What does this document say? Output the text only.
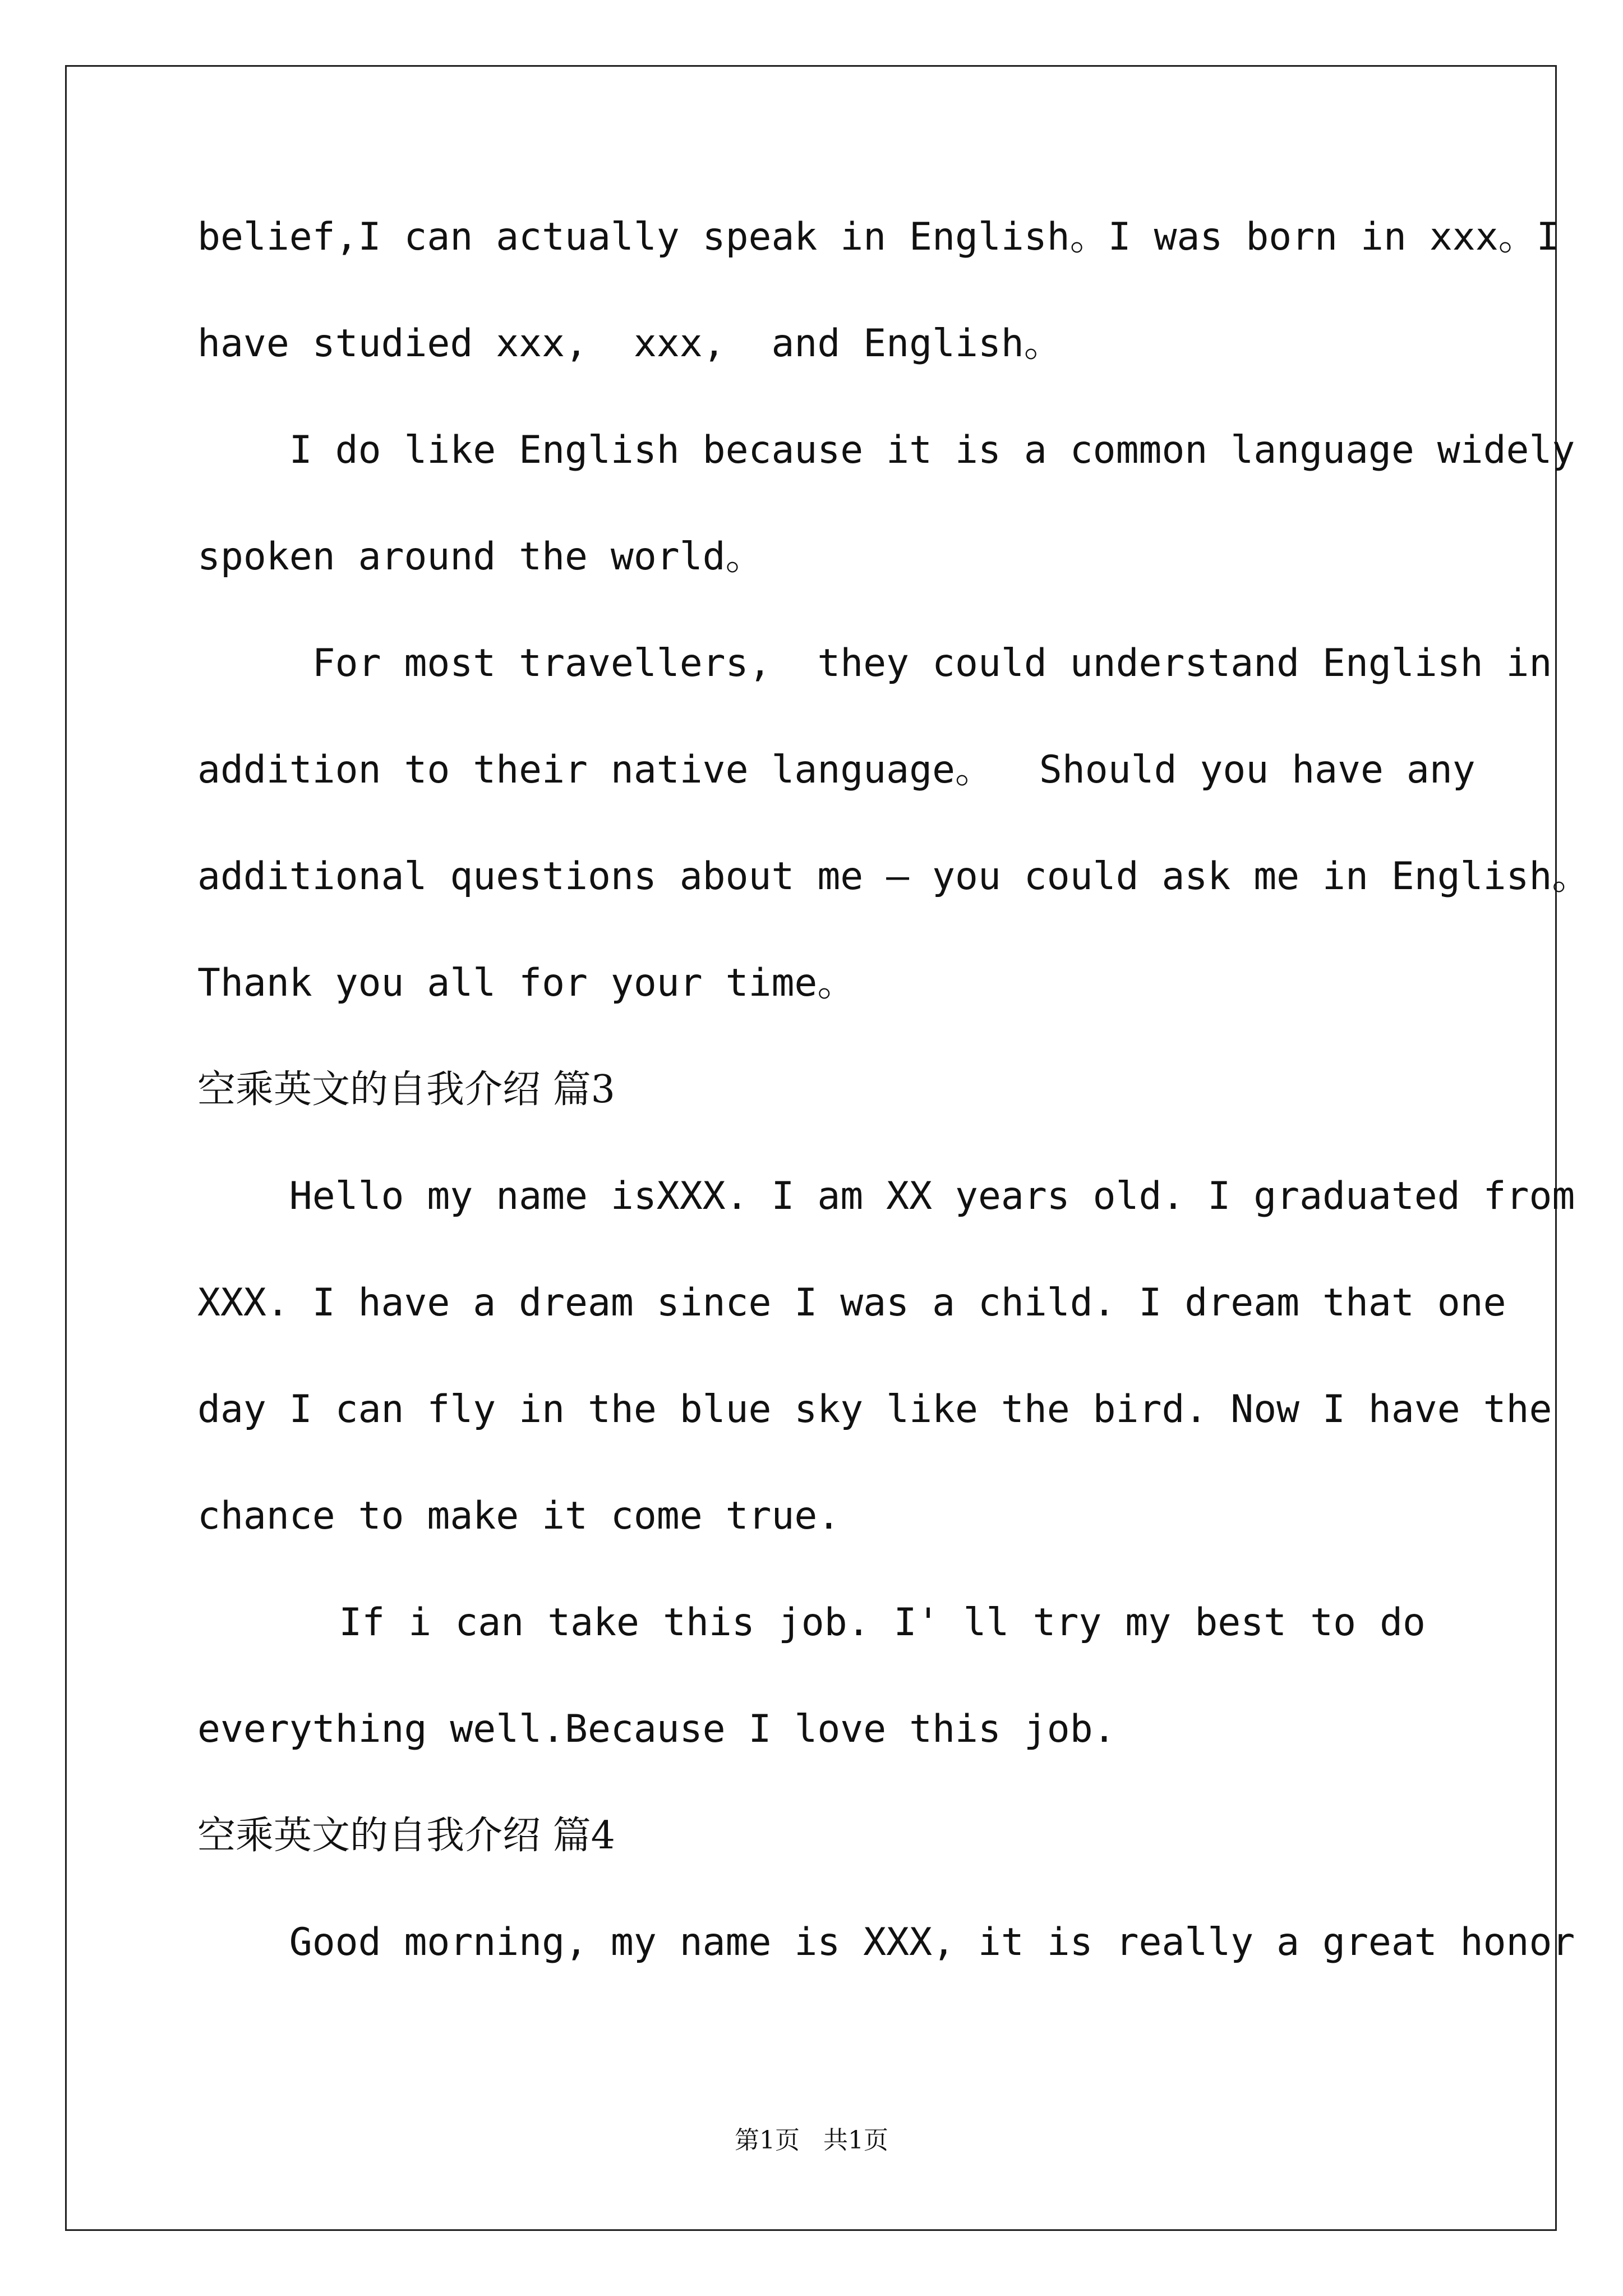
belief,I can actually speak in English。I was born in xxx。I
have studied xxx,  xxx,  and English。
I do like English because it is a common language widely
spoken around the world。
For most travellers,  they could understand English in
addition to their native language。  Should you have any
additional questions about me — you could ask me in English。
Thank you all for your time。
空乘英文的自我介绍 篇3
Hello my name isXXX. I am XX years old. I graduated from
XXX. I have a dream since I was a child. I dream that one
day I can fly in the blue sky like the bird. Now I have the
chance to make it come true.
If i can take this job. I' ll try my best to do
everything well.Because I love this job.
空乘英文的自我介绍 篇4
Good morning, my name is XXX, it is really a great honor
第1页 共1页
